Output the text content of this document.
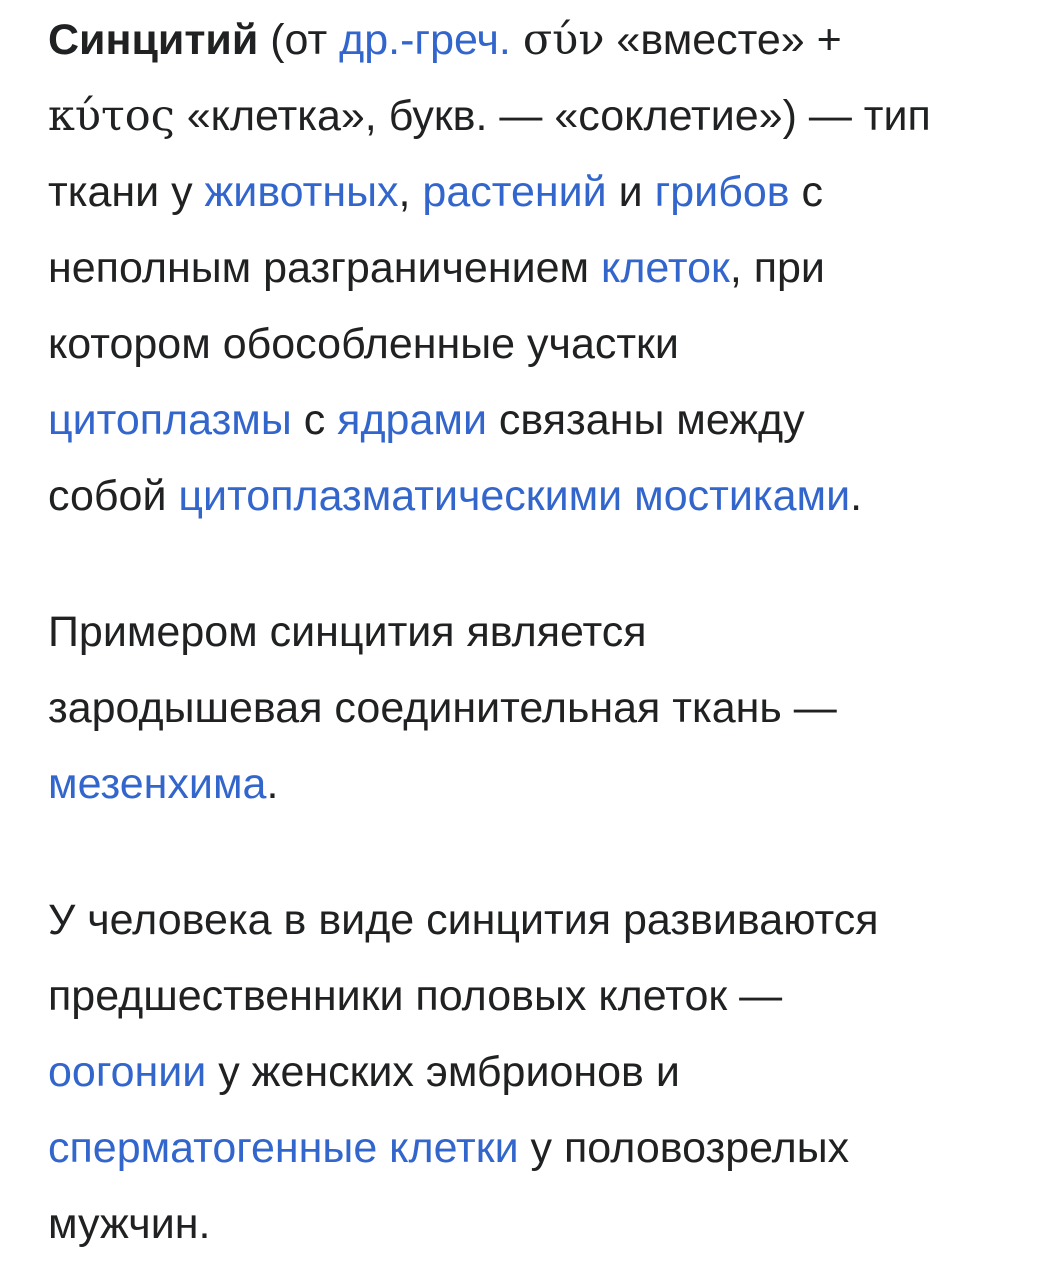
Синцитий (от др.-греч. σύν «вместе» +
κύτος «клетка», букв. — «соклетие») — тип
ткани у животных, растений и грибов с
неполным разграничением клеток, при
котором обособленные участки
цитоплазмы с ядрами связаны между
собой цитоплазматическими мостиками.
Примером синцития является
зародышевая соединительная ткань —
мезенхима.
У человека в виде синцития развиваются
предшественники половых клеток —
оогонии у женских эмбрионов и
сперматогенные клетки у половозрелых
мужчин.
